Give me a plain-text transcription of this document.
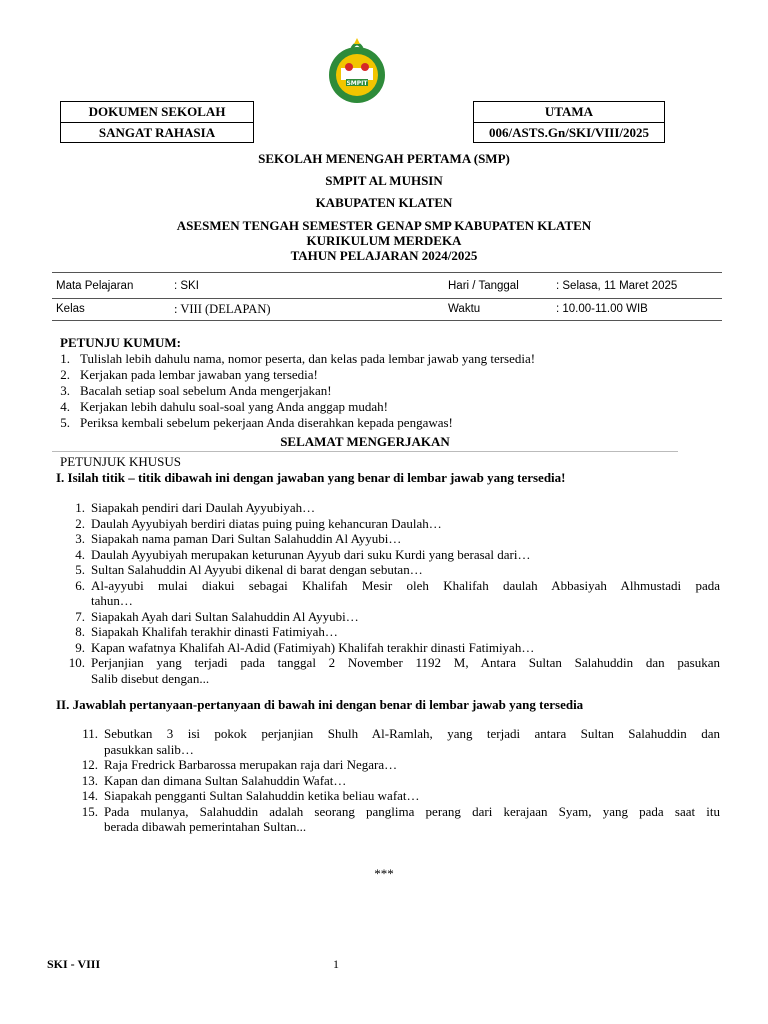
SMPIT
DOKUMEN SEKOLAH
SANGAT RAHASIA
UTAMA
006/ASTS.Gn/SKI/VIII/2025
SEKOLAH MENENGAH PERTAMA (SMP)
SMPIT AL MUHSIN
KABUPATEN KLATEN
ASESMEN TENGAH SEMESTER GENAP SMP KABUPATEN KLATEN
KURIKULUM MERDEKA
TAHUN PELAJARAN 2024/2025
Mata Pelajaran	: SKI	Hari / Tanggal	: Selasa, 11 Maret 2025
Kelas	: VIII (DELAPAN)	Waktu	: 10.00-11.00 WIB
PETUNJU KUMUM:
1. Tulislah lebih dahulu nama, nomor peserta, dan kelas pada lembar jawab yang tersedia!
2. Kerjakan pada lembar jawaban yang tersedia!
3. Bacalah setiap soal sebelum Anda mengerjakan!
4. Kerjakan lebih dahulu soal-soal yang Anda anggap mudah!
5. Periksa kembali sebelum pekerjaan Anda diserahkan kepada pengawas!
SELAMAT MENGERJAKAN
PETUNJUK KHUSUS
I. Isilah titik – titik dibawah ini dengan jawaban yang benar di lembar jawab yang tersedia!
1. Siapakah pendiri dari Daulah Ayyubiyah…
2. Daulah Ayyubiyah berdiri diatas puing puing kehancuran Daulah…
3. Siapakah nama paman Dari Sultan Salahuddin Al Ayyubi…
4. Daulah Ayyubiyah merupakan keturunan Ayyub dari suku Kurdi yang berasal dari…
5. Sultan Salahuddin Al Ayyubi dikenal di barat dengan sebutan…
6. Al-ayyubi mulai diakui sebagai Khalifah Mesir oleh Khalifah daulah Abbasiyah Alhmustadi pada
tahun…
7. Siapakah Ayah dari Sultan Salahuddin Al Ayyubi…
8. Siapakah Khalifah terakhir dinasti Fatimiyah…
9. Kapan wafatnya Khalifah Al-Adid (Fatimiyah) Khalifah terakhir dinasti Fatimiyah…
10. Perjanjian yang terjadi pada tanggal 2 November 1192 M, Antara Sultan Salahuddin dan pasukan
Salib disebut dengan...
II. Jawablah pertanyaan-pertanyaan di bawah ini dengan benar di lembar jawab yang tersedia
11. Sebutkan 3 isi pokok perjanjian Shulh Al-Ramlah, yang terjadi antara Sultan Salahuddin dan
pasukkan salib…
12. Raja Fredrick Barbarossa merupakan raja dari Negara…
13. Kapan dan dimana Sultan Salahuddin Wafat…
14. Siapakah pengganti Sultan Salahuddin ketika beliau wafat…
15. Pada mulanya, Salahuddin adalah seorang panglima perang dari kerajaan Syam, yang pada saat itu
berada dibawah pemerintahan Sultan...
***
SKI - VIII	1
